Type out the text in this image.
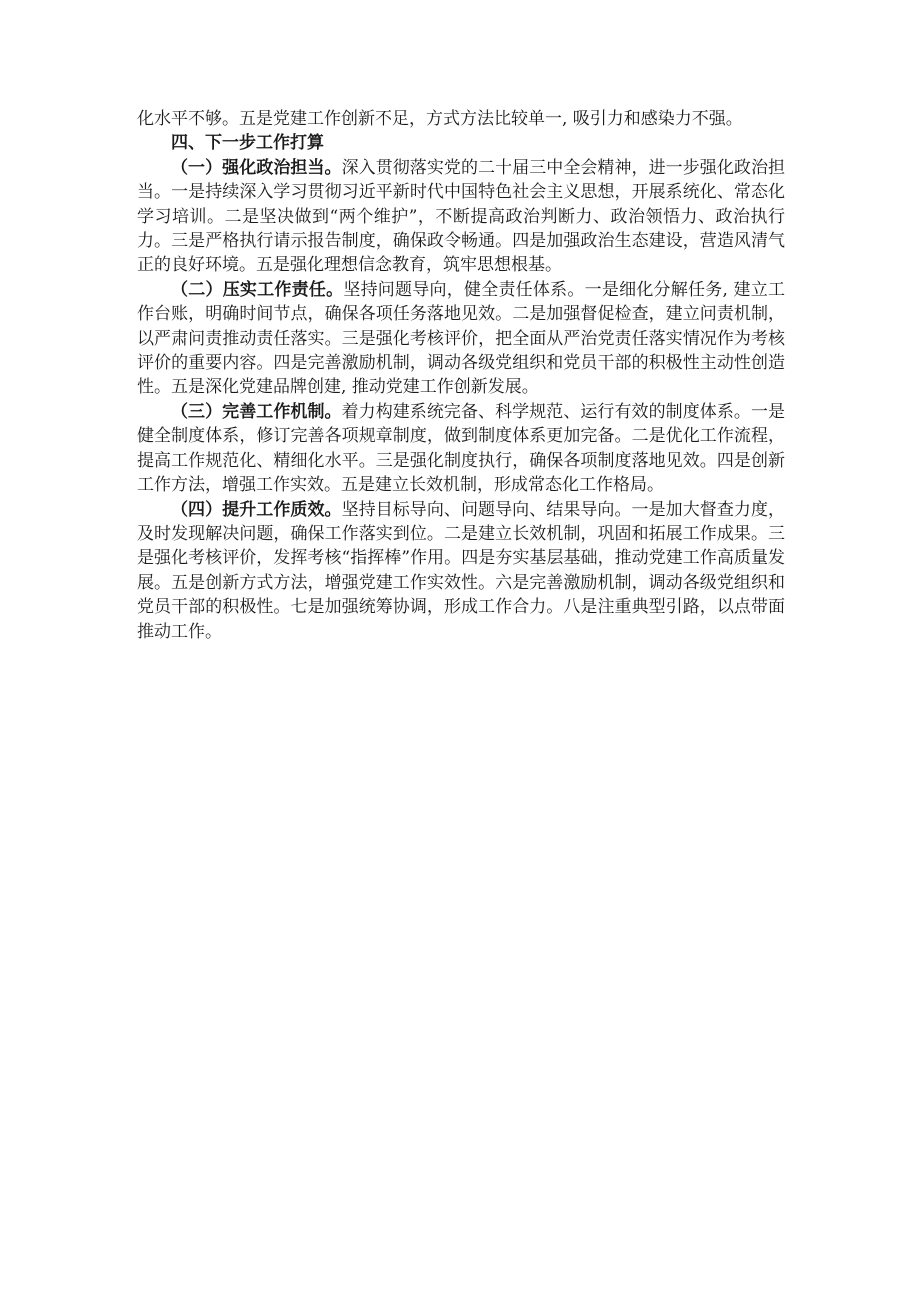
化水平不够。五是党建工作创新不足，方式方法比较单一, 吸引力和感染力不强。

四、下一步工作打算

（一）强化政治担当。深入贯彻落实党的二十届三中全会精神，进一步强化政治担当。一是持续深入学习贯彻习近平新时代中国特色社会主义思想，开展系统化、常态化学习培训。二是坚决做到“两个维护”，不断提高政治判断力、政治领悟力、政治执行力。三是严格执行请示报告制度，确保政令畅通。四是加强政治生态建设，营造风清气正的良好环境。五是强化理想信念教育，筑牢思想根基。

（二）压实工作责任。坚持问题导向，健全责任体系。一是细化分解任务, 建立工作台账，明确时间节点，确保各项任务落地见效。二是加强督促检查，建立问责机制，以严肃问责推动责任落实。三是强化考核评价，把全面从严治党责任落实情况作为考核评价的重要内容。四是完善激励机制，调动各级党组织和党员干部的积极性主动性创造性。五是深化党建品牌创建, 推动党建工作创新发展。

（三）完善工作机制。着力构建系统完备、科学规范、运行有效的制度体系。一是健全制度体系，修订完善各项规章制度，做到制度体系更加完备。二是优化工作流程，提高工作规范化、精细化水平。三是强化制度执行，确保各项制度落地见效。四是创新工作方法，增强工作实效。五是建立长效机制，形成常态化工作格局。

（四）提升工作质效。坚持目标导向、问题导向、结果导向。一是加大督查力度，及时发现解决问题，确保工作落实到位。二是建立长效机制，巩固和拓展工作成果。三是强化考核评价，发挥考核“指挥棒”作用。四是夯实基层基础，推动党建工作高质量发展。五是创新方式方法，增强党建工作实效性。六是完善激励机制，调动各级党组织和党员干部的积极性。七是加强统筹协调，形成工作合力。八是注重典型引路，以点带面推动工作。
